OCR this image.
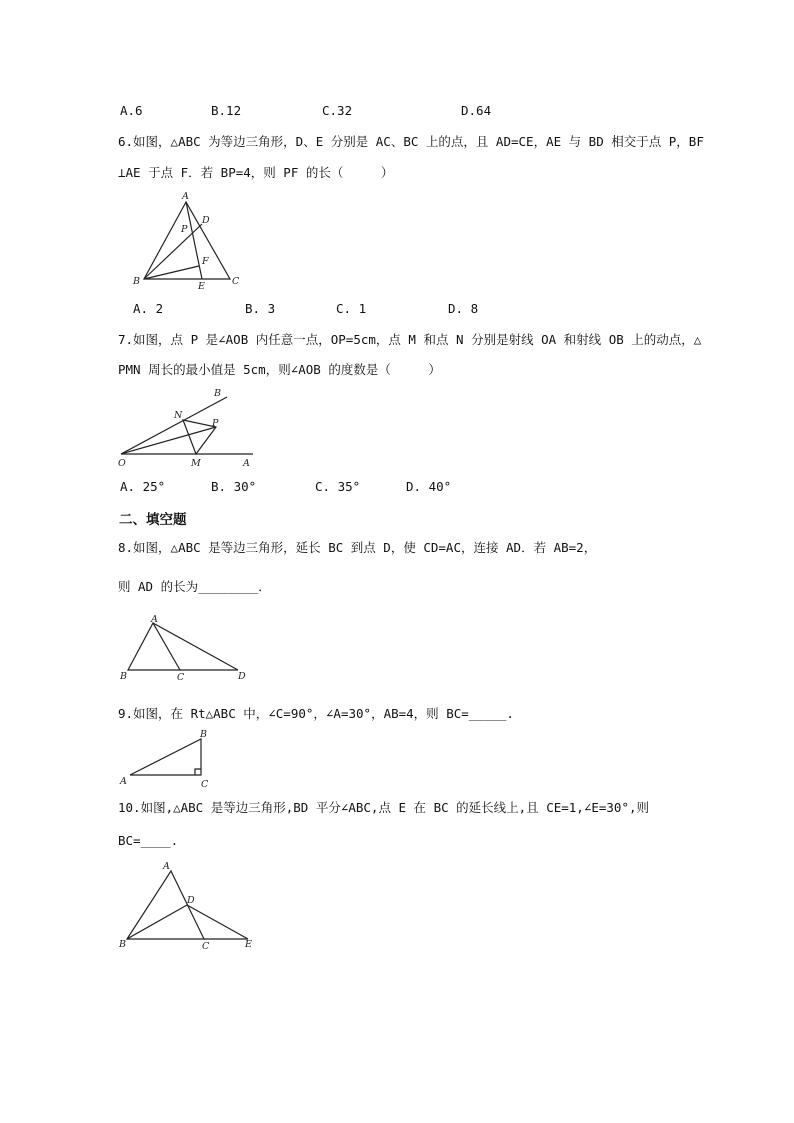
A.6	B.12	C.32	D.64
6.如图，△ABC 为等边三角形，D、E 分别是 AC、BC 上的点，且 AD=CE，AE 与 BD 相交于点 P，BF
⊥AE 于点 F．若 BP=4，则 PF 的长（　　　）
A
B	C
D
E
F
P
A. 2	B. 3	C. 1	D. 8
7.如图，点 P 是∠AOB 内任意一点，OP=5cm，点 M 和点 N 分别是射线 OA 和射线 OB 上的动点，△
PMN 周长的最小值是 5cm，则∠AOB 的度数是（　　　）
O	A
B
M
N
P
A. 25°	B. 30°	C. 35°	D. 40°
二、填空题
8.如图，△ABC 是等边三角形，延长 BC 到点 D，使 CD=AC，连接 AD．若 AB=2，
则 AD 的长为________．
A
B	C	D
9.如图，在 Rt△ABC 中，∠C=90°，∠A=30°，AB=4，则 BC=_____.
A
B
C
10.如图,△ABC 是等边三角形,BD 平分∠ABC,点 E 在 BC 的延长线上,且 CE=1,∠E=30°,则
BC=____.
A
B	C
D
E
